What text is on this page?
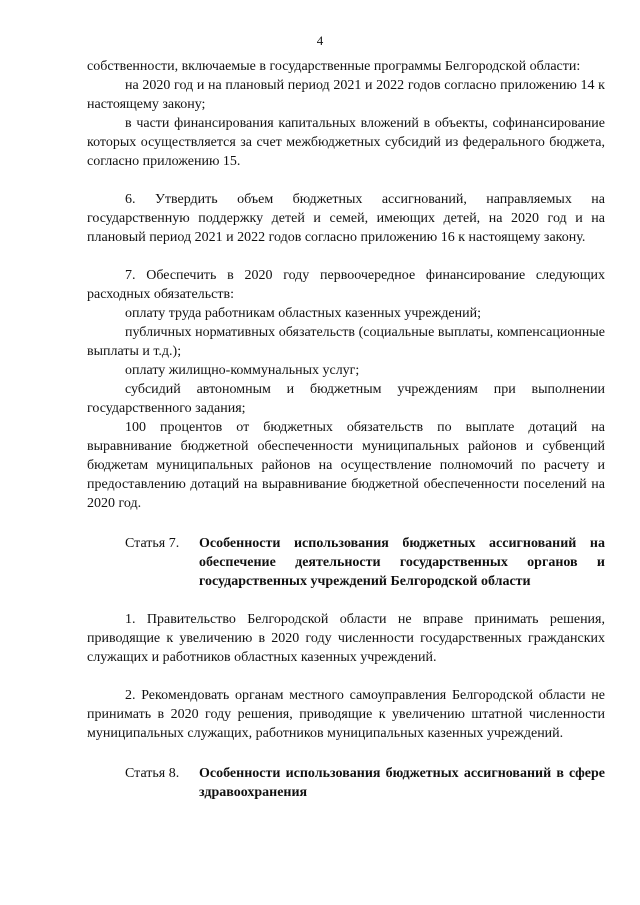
4

собственности, включаемые в государственные программы Белгородской области:

на 2020 год и на плановый период 2021 и 2022 годов согласно приложению 14 к настоящему закону;

в части финансирования капитальных вложений в объекты, софинансирование которых осуществляется за счет межбюджетных субсидий из федерального бюджета, согласно приложению 15.

6. Утвердить объем бюджетных ассигнований, направляемых на государственную поддержку детей и семей, имеющих детей, на 2020 год и на плановый период 2021 и 2022 годов согласно приложению 16 к настоящему закону.

7. Обеспечить в 2020 году первоочередное финансирование следующих расходных обязательств:

оплату труда работникам областных казенных учреждений;

публичных нормативных обязательств (социальные выплаты, компенсационные выплаты и т.д.);

оплату жилищно-коммунальных услуг;

субсидий автономным и бюджетным учреждениям при выполнении государственного задания;

100 процентов от бюджетных обязательств по выплате дотаций на выравнивание бюджетной обеспеченности муниципальных районов и субвенций бюджетам муниципальных районов на осуществление полномочий по расчету и предоставлению дотаций на выравнивание бюджетной обеспеченности поселений на 2020 год.

Статья 7.	Особенности использования бюджетных ассигнований на обеспечение деятельности государственных органов и государственных учреждений Белгородской области

1. Правительство Белгородской области не вправе принимать решения, приводящие к увеличению в 2020 году численности государственных гражданских служащих и работников областных казенных учреждений.

2. Рекомендовать органам местного самоуправления Белгородской области не принимать в 2020 году решения, приводящие к увеличению штатной численности муниципальных служащих, работников муниципальных казенных учреждений.

Статья 8.	Особенности использования бюджетных ассигнований в сфере здравоохранения
